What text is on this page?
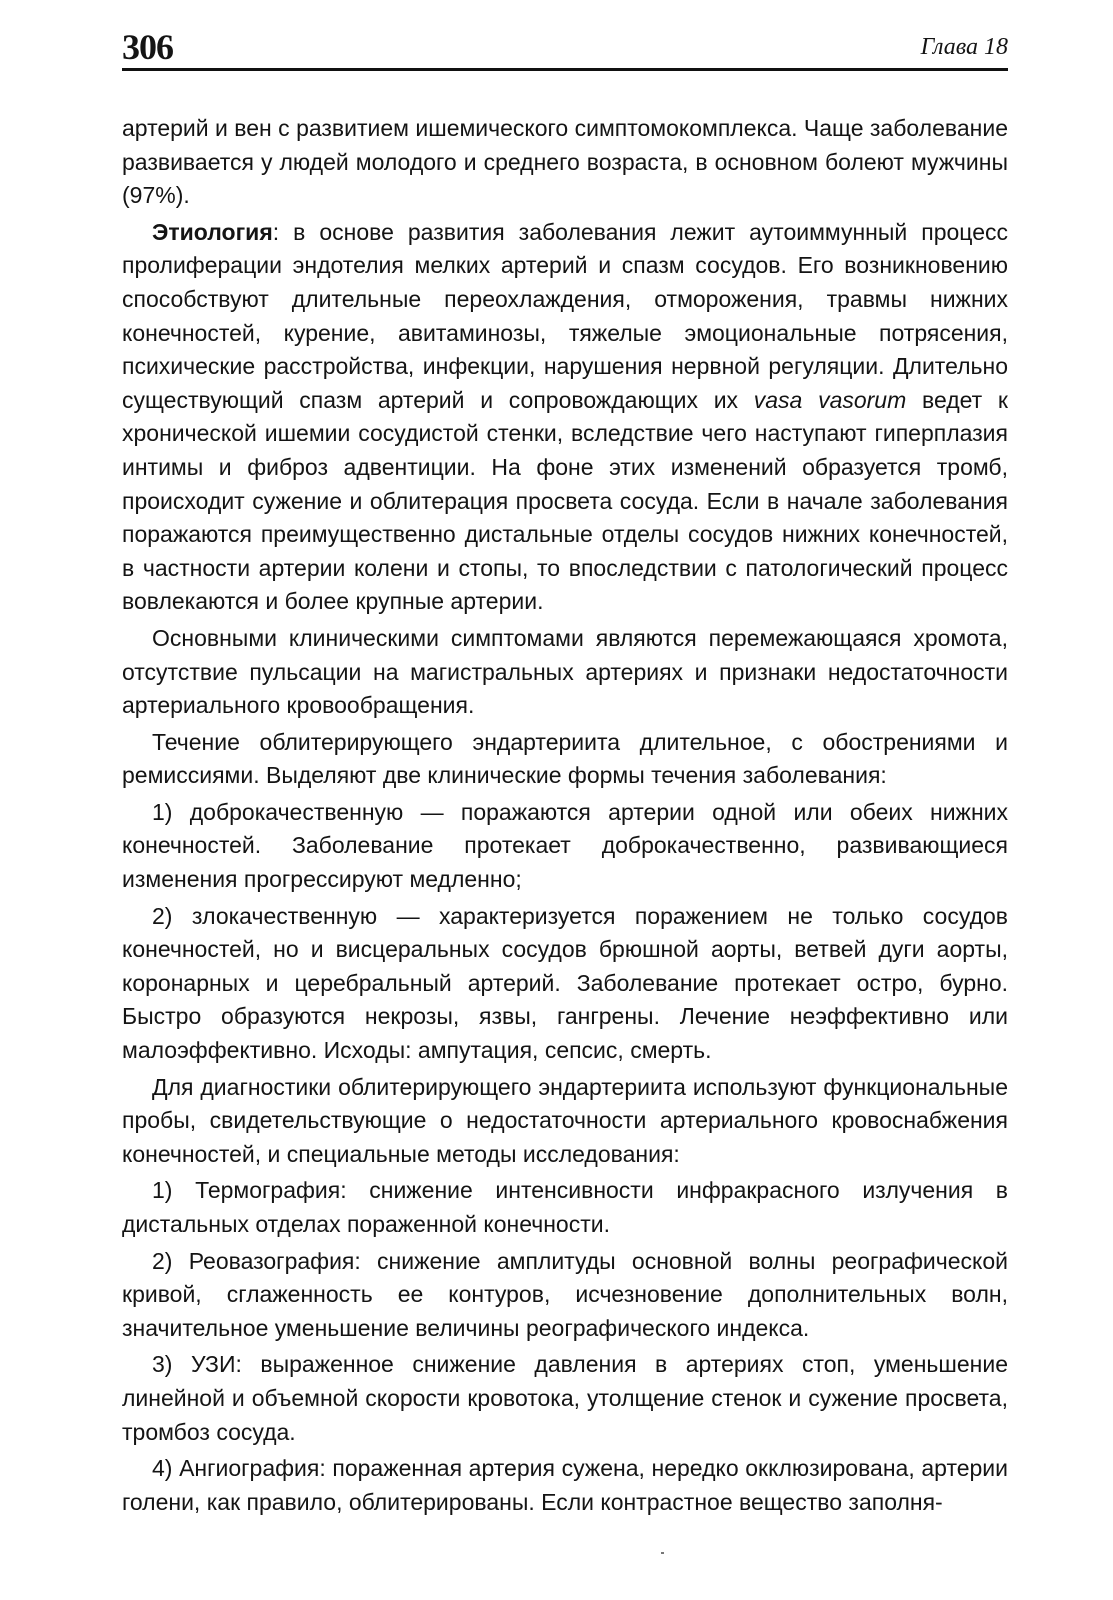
306	Глава 18

артерий и вен с развитием ишемического симптомокомплекса. Чаще заболевание развивается у людей молодого и среднего возраста, в основном болеют мужчины (97%).

Этиология: в основе развития заболевания лежит аутоиммунный процесс пролиферации эндотелия мелких артерий и спазм сосудов. Его возникновению способствуют длительные переохлаждения, отморожения, травмы нижних конечностей, курение, авитаминозы, тяжелые эмоциональные потрясения, психические расстройства, инфекции, нарушения нервной регуляции. Длительно существующий спазм артерий и сопровождающих их vasa vasorum ведет к хронической ишемии сосудистой стенки, вследствие чего наступают гиперплазия интимы и фиброз адвентиции. На фоне этих изменений образуется тромб, происходит сужение и облитерация просвета сосуда. Если в начале заболевания поражаются преимущественно дистальные отделы сосудов нижних конечностей, в частности артерии колени и стопы, то впоследствии с патологический процесс вовлекаются и более крупные артерии.

Основными клиническими симптомами являются перемежающаяся хромота, отсутствие пульсации на магистральных артериях и признаки недостаточности артериального кровообращения.

Течение облитерирующего эндартериита длительное, с обострениями и ремиссиями. Выделяют две клинические формы течения заболевания:

1) доброкачественную — поражаются артерии одной или обеих нижних конечностей. Заболевание протекает доброкачественно, развивающиеся изменения прогрессируют медленно;

2) злокачественную — характеризуется поражением не только сосудов конечностей, но и висцеральных сосудов брюшной аорты, ветвей дуги аорты, коронарных и церебральный артерий. Заболевание протекает остро, бурно. Быстро образуются некрозы, язвы, гангрены. Лечение неэффективно или малоэффективно. Исходы: ампутация, сепсис, смерть.

Для диагностики облитерирующего эндартериита используют функциональные пробы, свидетельствующие о недостаточности артериального кровоснабжения конечностей, и специальные методы исследования:

1) Термография: снижение интенсивности инфракрасного излучения в дистальных отделах пораженной конечности.

2) Реовазография: снижение амплитуды основной волны реографической кривой, сглаженность ее контуров, исчезновение дополнительных волн, значительное уменьшение величины реографического индекса.

3) УЗИ: выраженное снижение давления в артериях стоп, уменьшение линейной и объемной скорости кровотока, утолщение стенок и сужение просвета, тромбоз сосуда.

4) Ангиография: пораженная артерия сужена, нередко окклюзирована, артерии голени, как правило, облитерированы. Если контрастное вещество заполня-
